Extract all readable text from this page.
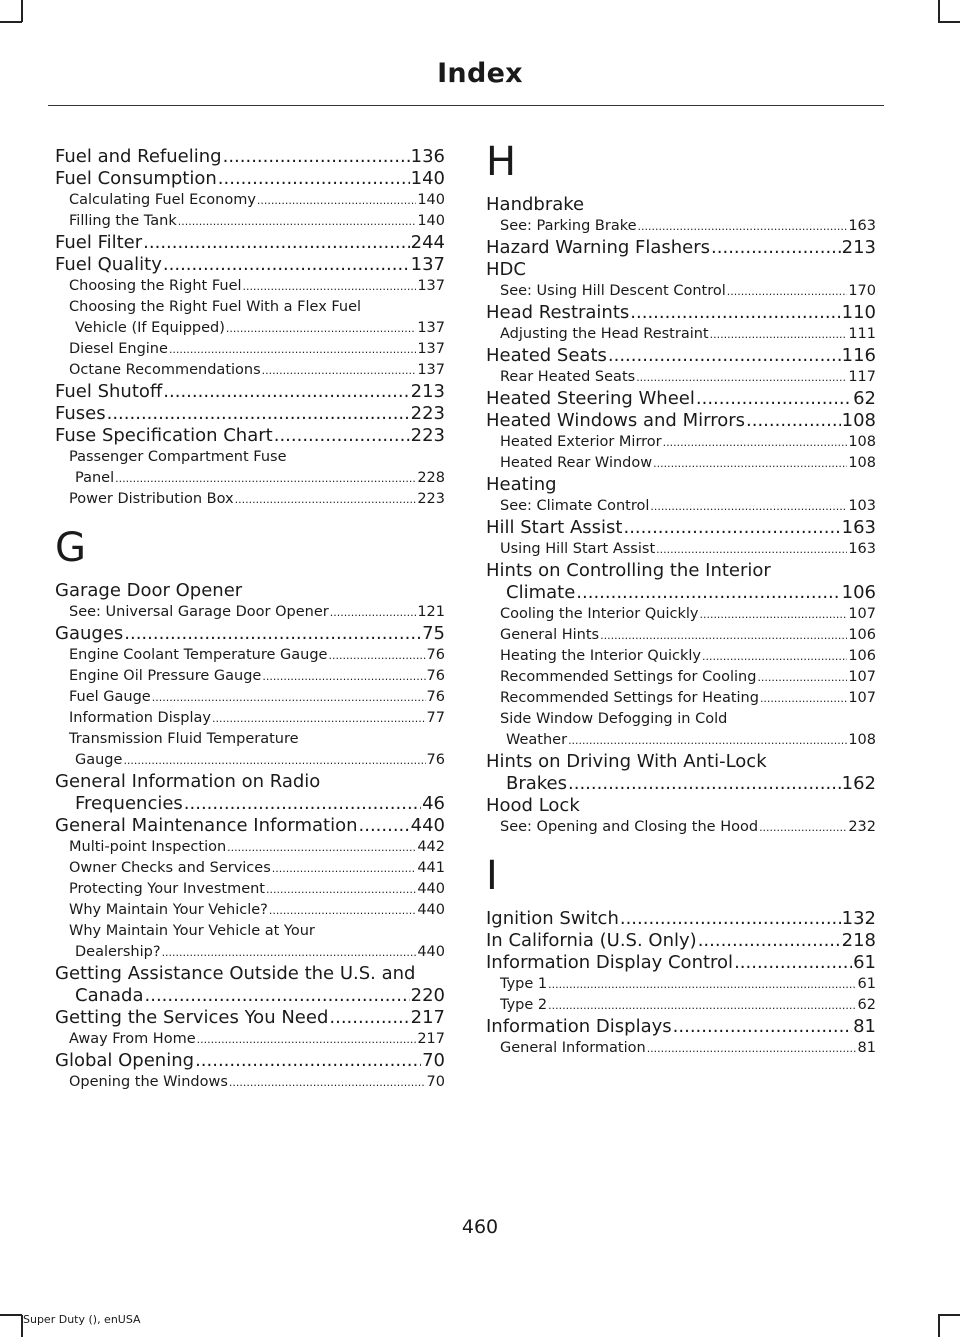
Index
Fuel and Refueling .....	136
Fuel Consumption .....	140
Calculating Fuel Economy .....	140
Filling the Tank .....	140
Fuel Filter .....	244
Fuel Quality .....	137
Choosing the Right Fuel .....	137
Choosing the Right Fuel With a Flex Fuel
Vehicle (If Equipped) .....	137
Diesel Engine .....	137
Octane Recommendations .....	137
Fuel Shutoff .....	213
Fuses .....	223
Fuse Specification Chart .....	223
Passenger Compartment Fuse
Panel .....	228
Power Distribution Box .....	223
G
Garage Door Opener
See: Universal Garage Door Opener .....	121
Gauges .....	75
Engine Coolant Temperature Gauge .....	76
Engine Oil Pressure Gauge .....	76
Fuel Gauge .....	76
Information Display .....	77
Transmission Fluid Temperature
Gauge .....	76
General Information on Radio
Frequencies .....	46
General Maintenance Information .....	440
Multi-point Inspection .....	442
Owner Checks and Services .....	441
Protecting Your Investment .....	440
Why Maintain Your Vehicle? .....	440
Why Maintain Your Vehicle at Your
Dealership? .....	440
Getting Assistance Outside the U.S. and
Canada .....	220
Getting the Services You Need .....	217
Away From Home .....	217
Global Opening .....	70
Opening the Windows .....	70
H
Handbrake
See: Parking Brake .....	163
Hazard Warning Flashers .....	213
HDC
See: Using Hill Descent Control .....	170
Head Restraints .....	110
Adjusting the Head Restraint .....	111
Heated Seats .....	116
Rear Heated Seats .....	117
Heated Steering Wheel .....	62
Heated Windows and Mirrors .....	108
Heated Exterior Mirror .....	108
Heated Rear Window .....	108
Heating
See: Climate Control .....	103
Hill Start Assist .....	163
Using Hill Start Assist .....	163
Hints on Controlling the Interior
Climate .....	106
Cooling the Interior Quickly .....	107
General Hints .....	106
Heating the Interior Quickly .....	106
Recommended Settings for Cooling .....	107
Recommended Settings for Heating .....	107
Side Window Defogging in Cold
Weather .....	108
Hints on Driving With Anti-Lock
Brakes .....	162
Hood Lock
See: Opening and Closing the Hood .....	232
I
Ignition Switch .....	132
In California (U.S. Only) .....	218
Information Display Control .....	61
Type 1 .....	61
Type 2 .....	62
Information Displays .....	81
General Information .....	81
460
Super Duty (), enUSA
